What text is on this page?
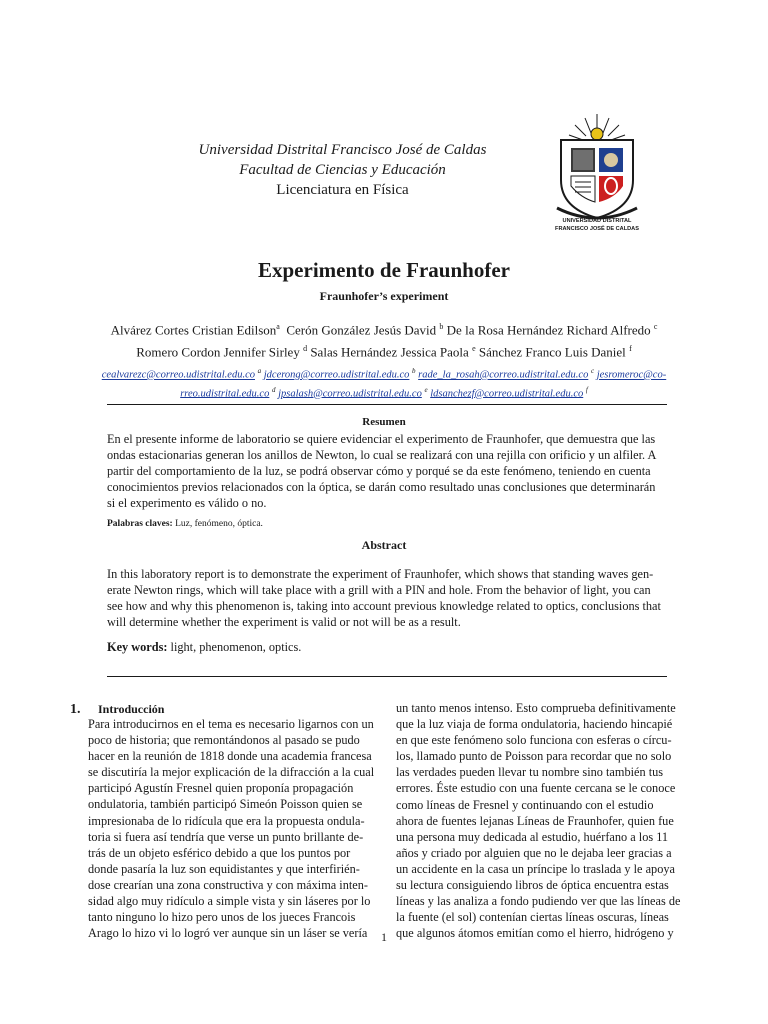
Universidad Distrital Francisco José de Caldas
Facultad de Ciencias y Educación
Licenciatura en Física
UNIVERSIDAD DISTRITAL
FRANCISCO JOSÉ DE CALDAS
Experimento de Fraunhofer
Fraunhofer’s experiment
Alvárez Cortes Cristian Edilson$^a$ Cerón González Jesús David $^b$ De la Rosa Hernández Richard Alfredo $^c$
Romero Cordon Jennifer Sirley $^d$ Salas Hernández Jessica Paola $^e$ Sánchez Franco Luis Daniel $^f$
cealvarezc@correo.udistrital.edu.co $^a$ jdcerong@correo.udistrital.edu.co $^b$ rade_la_rosah@correo.udistrital.edu.co $^c$ jesromeroc@co-
rreo.udistrital.edu.co $^d$ jpsalash@correo.udistrital.edu.co $^e$ ldsanchezf@correo.udistrital.edu.co $^f$
Resumen
En el presente informe de laboratorio se quiere evidenciar el experimento de Fraunhofer, que demuestra que las
ondas estacionarias generan los anillos de Newton, lo cual se realizará con una rejilla con orificio y un alfiler. A
partir del comportamiento de la luz, se podrá observar cómo y porqué se da este fenómeno, teniendo en cuenta
conocimientos previos relacionados con la óptica, se darán como resultado unas conclusiones que determinarán
si el experimento es válido o no.
Palabras claves: Luz, fenómeno, óptica.
Abstract
In this laboratory report is to demonstrate the experiment of Fraunhofer, which shows that standing waves gen-
erate Newton rings, which will take place with a grill with a PIN and hole. From the behavior of light, you can
see how and why this phenomenon is, taking into account previous knowledge related to optics, conclusions that
will determine whether the experiment is valid or not will be as a result.
Key words: light, phenomenon, optics.
1. Introducción
Para introducirnos en el tema es necesario ligarnos con un
poco de historia; que remontándonos al pasado se pudo
hacer en la reunión de 1818 donde una academia francesa
se discutiría la mejor explicación de la difracción a la cual
participó Agustín Fresnel quien proponía propagación
ondulatoria, también participó Simeón Poisson quien se
impresionaba de lo ridícula que era la propuesta ondula-
toria si fuera así tendría que verse un punto brillante de-
trás de un objeto esférico debido a que los puntos por
donde pasaría la luz son equidistantes y que interfirién-
dose crearían una zona constructiva y con máxima inten-
sidad algo muy ridículo a simple vista y sin láseres por lo
tanto ninguno lo hizo pero unos de los jueces Francois
Arago lo hizo vi lo logró ver aunque sin un láser se vería
un tanto menos intenso. Esto comprueba definitivamente
que la luz viaja de forma ondulatoria, haciendo hincapié
en que este fenómeno solo funciona con esferas o círcu-
los, llamado punto de Poisson para recordar que no solo
las verdades pueden llevar tu nombre sino también tus
errores. Éste estudio con una fuente cercana se le conoce
como líneas de Fresnel y continuando con el estudio
ahora de fuentes lejanas Líneas de Fraunhofer, quien fue
una persona muy dedicada al estudio, huérfano a los 11
años y criado por alguien que no le dejaba leer gracias a
un accidente en la casa un príncipe lo traslada y le apoya
su lectura consiguiendo libros de óptica encuentra estas
líneas y las analiza a fondo pudiendo ver que las líneas de
la fuente (el sol) contenían ciertas líneas oscuras, líneas
que algunos átomos emitían como el hierro, hidrógeno y
1
